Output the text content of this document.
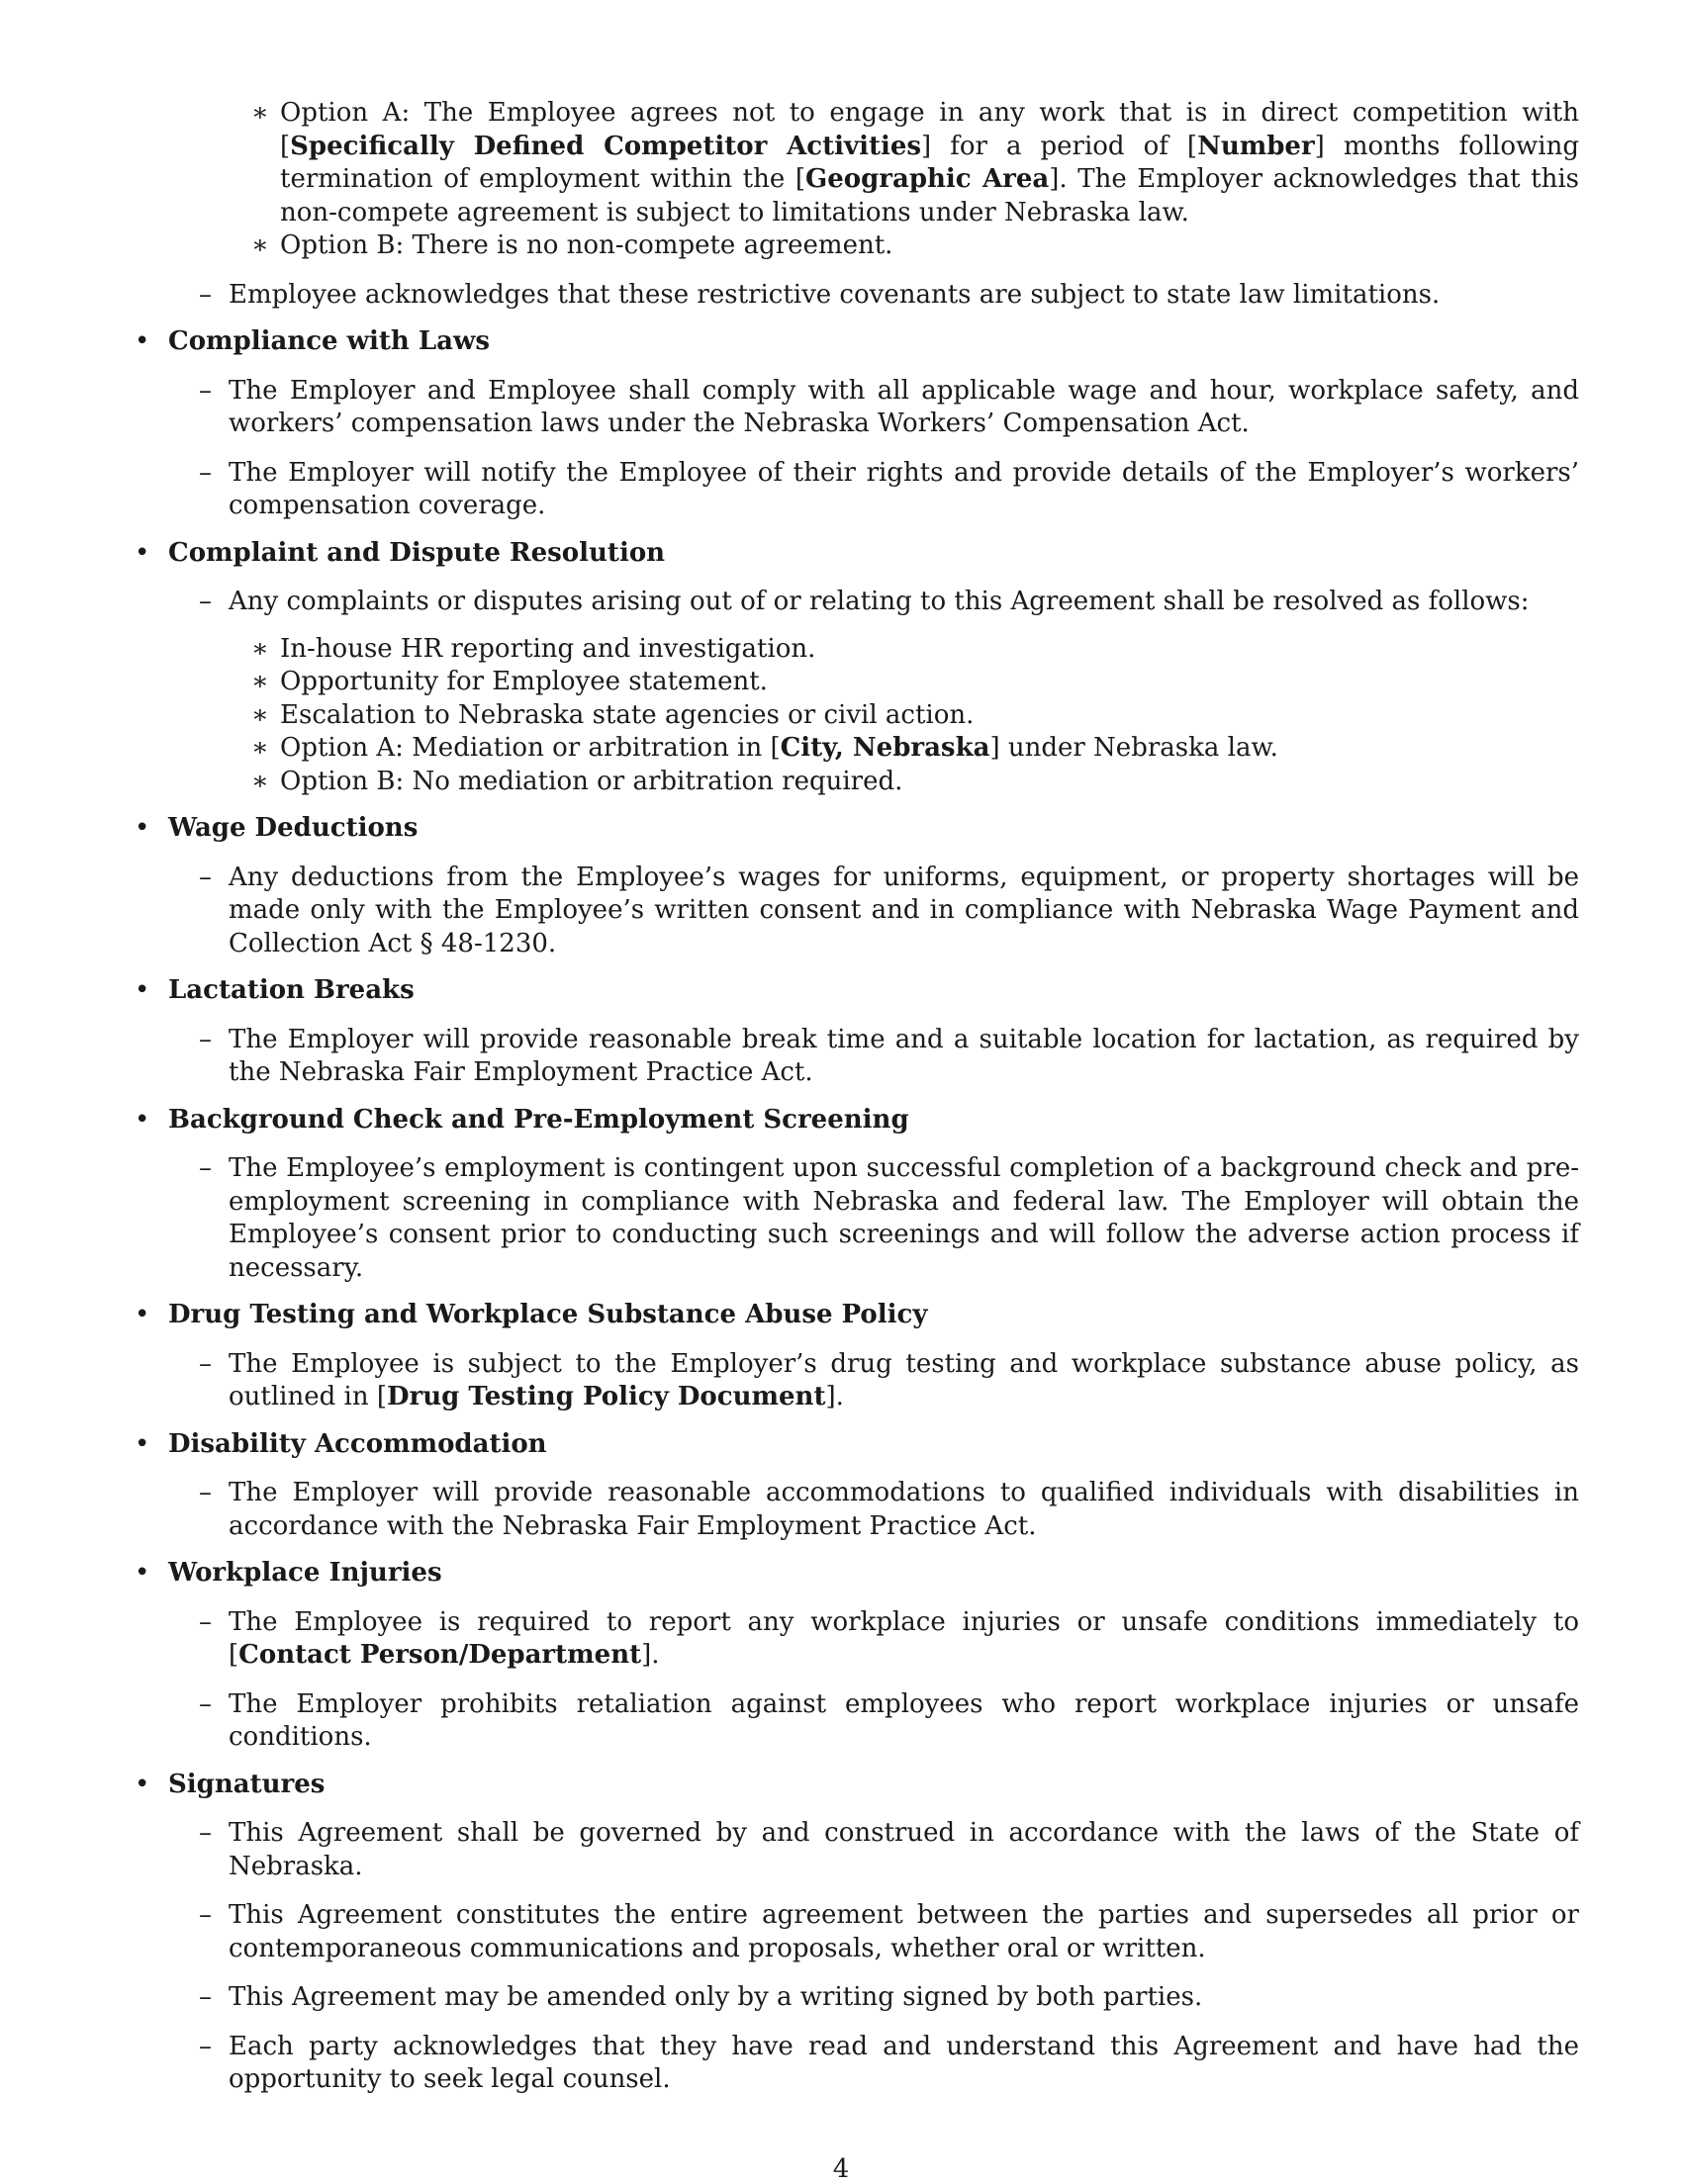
∗ Option A: The Employee agrees not to engage in any work that is in direct competition with [Specifically Defined Competitor Activities] for a period of [Number] months following termination of employment within the [Geographic Area]. The Employer acknowledges that this non-compete agreement is subject to limitations under Nebraska law.
∗ Option B: There is no non-compete agreement.
– Employee acknowledges that these restrictive covenants are subject to state law limitations.
• Compliance with Laws
– The Employer and Employee shall comply with all applicable wage and hour, workplace safety, and workers’ compensation laws under the Nebraska Workers’ Compensation Act.
– The Employer will notify the Employee of their rights and provide details of the Employer’s workers’ compensation coverage.
• Complaint and Dispute Resolution
– Any complaints or disputes arising out of or relating to this Agreement shall be resolved as follows:
∗ In-house HR reporting and investigation.
∗ Opportunity for Employee statement.
∗ Escalation to Nebraska state agencies or civil action.
∗ Option A: Mediation or arbitration in [City, Nebraska] under Nebraska law.
∗ Option B: No mediation or arbitration required.
• Wage Deductions
– Any deductions from the Employee’s wages for uniforms, equipment, or property shortages will be made only with the Employee’s written consent and in compliance with Nebraska Wage Payment and Collection Act § 48-1230.
• Lactation Breaks
– The Employer will provide reasonable break time and a suitable location for lactation, as required by the Nebraska Fair Employment Practice Act.
• Background Check and Pre-Employment Screening
– The Employee’s employment is contingent upon successful completion of a background check and pre-employment screening in compliance with Nebraska and federal law. The Employer will obtain the Employee’s consent prior to conducting such screenings and will follow the adverse action process if necessary.
• Drug Testing and Workplace Substance Abuse Policy
– The Employee is subject to the Employer’s drug testing and workplace substance abuse policy, as outlined in [Drug Testing Policy Document].
• Disability Accommodation
– The Employer will provide reasonable accommodations to qualified individuals with disabilities in accordance with the Nebraska Fair Employment Practice Act.
• Workplace Injuries
– The Employee is required to report any workplace injuries or unsafe conditions immediately to [Contact Person/Department].
– The Employer prohibits retaliation against employees who report workplace injuries or unsafe conditions.
• Signatures
– This Agreement shall be governed by and construed in accordance with the laws of the State of Nebraska.
– This Agreement constitutes the entire agreement between the parties and supersedes all prior or contemporaneous communications and proposals, whether oral or written.
– This Agreement may be amended only by a writing signed by both parties.
– Each party acknowledges that they have read and understand this Agreement and have had the opportunity to seek legal counsel.
4
